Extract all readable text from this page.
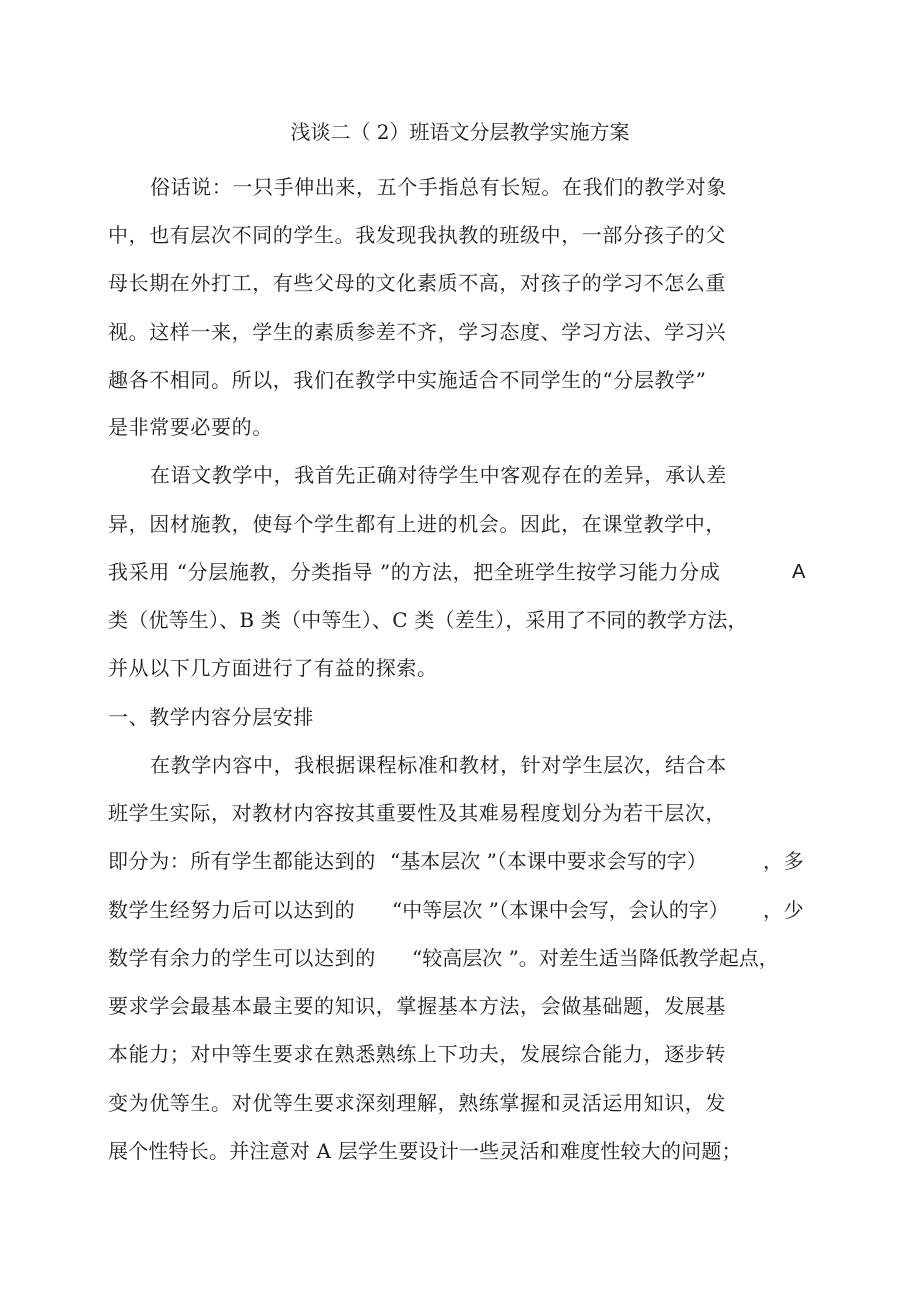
浅谈二（ 2）班语文分层教学实施方案
俗话说：一只手伸出来，五个手指总有长短。在我们的教学对象
中，也有层次不同的学生。我发现我执教的班级中，一部分孩子的父
母长期在外打工，有些父母的文化素质不高，对孩子的学习不怎么重
视。这样一来，学生的素质参差不齐，学习态度、学习方法、学习兴
趣各不相同。所以，我们在教学中实施适合不同学生的“分层教学”
是非常要必要的。
在语文教学中，我首先正确对待学生中客观存在的差异，承认差
异，因材施教，使每个学生都有上进的机会。因此，在课堂教学中，
我采用 “分层施教，分类指导 ”的方法，把全班学生按学习能力分成	A
类（优等生）、B 类（中等生）、C 类（差生），采用了不同的教学方法，
并从以下几方面进行了有益的探索。
一、教学内容分层安排
在教学内容中，我根据课程标准和教材，针对学生层次，结合本
班学生实际，对教材内容按其重要性及其难易程度划分为若干层次，
即分为：所有学生都能达到的 “基本层次 ”（本课中要求会写的字）	，多
数学生经努力后可以达到的 “中等层次 ”（本课中会写，会认的字） ，少
数学有余力的学生可以达到的 “较高层次 ”。对差生适当降低教学起点，
要求学会最基本最主要的知识，掌握基本方法，会做基础题，发展基
本能力；对中等生要求在熟悉熟练上下功夫，发展综合能力，逐步转
变为优等生。对优等生要求深刻理解，熟练掌握和灵活运用知识，发
展个性特长。并注意对 A 层学生要设计一些灵活和难度性较大的问题；
